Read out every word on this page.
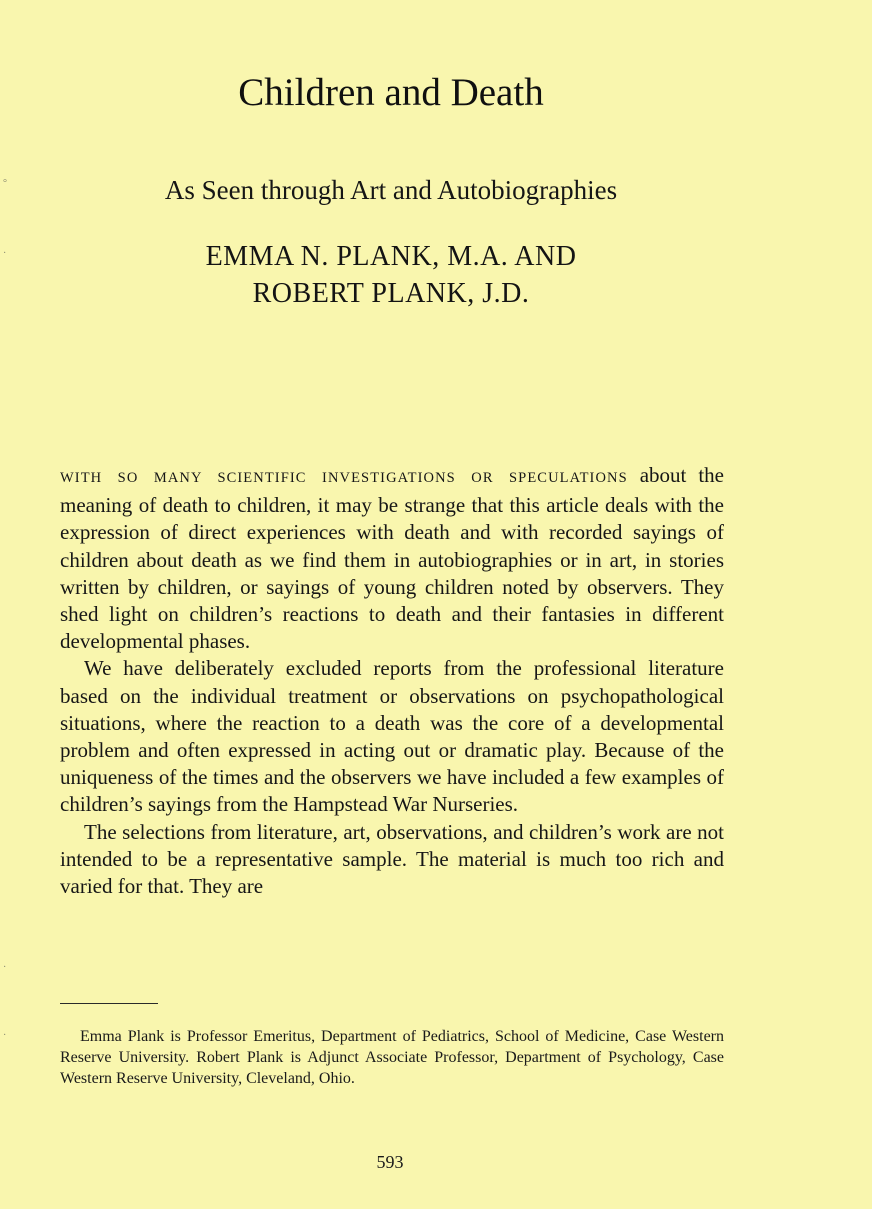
°
·
·
·
Children and Death
As Seen through Art and Autobiographies
EMMA N. PLANK, M.A. AND
ROBERT PLANK, J.D.

WITH SO MANY SCIENTIFIC INVESTIGATIONS OR SPECULATIONS about the meaning of death to children, it may be strange that this article deals with the expression of direct experiences with death and with recorded sayings of children about death as we find them in autobiographies or in art, in stories written by children, or sayings of young children noted by observers. They shed light on children’s reactions to death and their fantasies in different developmental phases.

We have deliberately excluded reports from the professional literature based on the individual treatment or observations on psychopathological situations, where the reaction to a death was the core of a developmental problem and often expressed in acting out or dramatic play. Because of the uniqueness of the times and the observers we have included a few examples of children’s sayings from the Hampstead War Nurseries.

The selections from literature, art, observations, and children’s work are not intended to be a representative sample. The material is much too rich and varied for that. They are

Emma Plank is Professor Emeritus, Department of Pediatrics, School of Medicine, Case Western Reserve University. Robert Plank is Adjunct Associate Professor, Department of Psychology, Case Western Reserve University, Cleveland, Ohio.
593
